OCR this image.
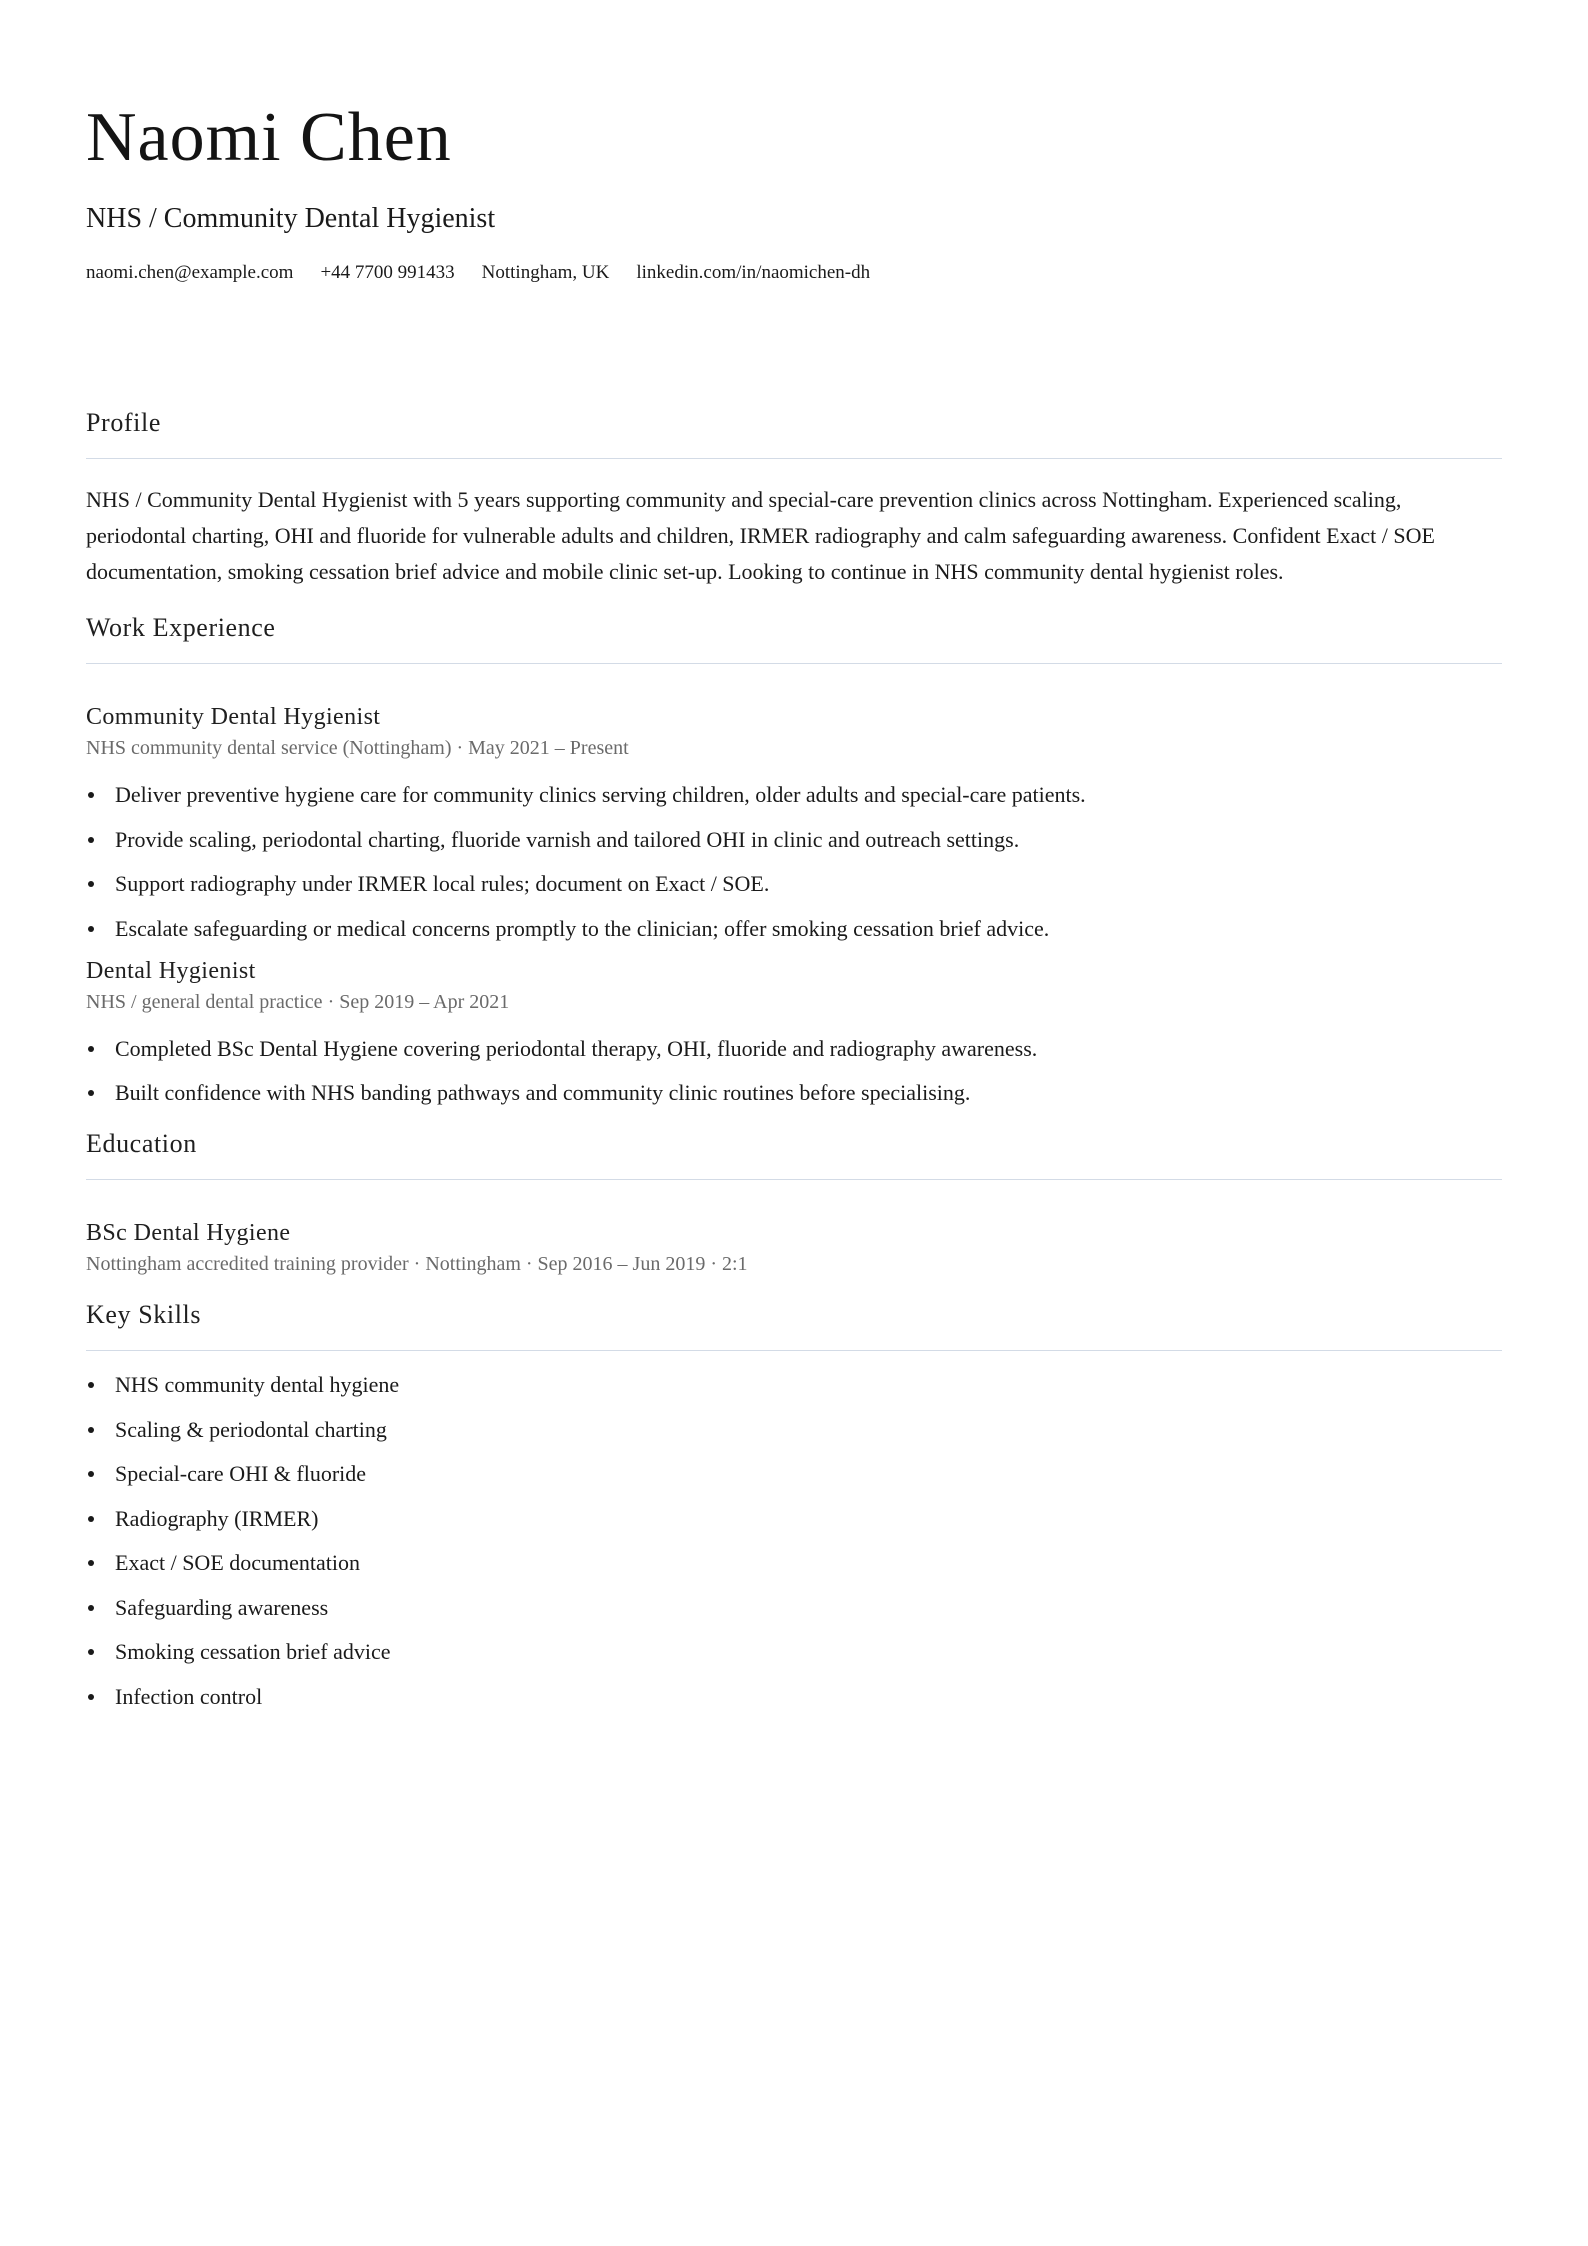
Naomi Chen
NHS / Community Dental Hygienist
naomi.chen@example.com +44 7700 991433 Nottingham, UK linkedin.com/in/naomichen-dh
Profile
NHS / Community Dental Hygienist with 5 years supporting community and special-care prevention clinics across Nottingham. Experienced scaling, periodontal charting, OHI and fluoride for vulnerable adults and children, IRMER radiography and calm safeguarding awareness. Confident Exact / SOE documentation, smoking cessation brief advice and mobile clinic set-up. Looking to continue in NHS community dental hygienist roles.
Work Experience
Community Dental Hygienist
NHS community dental service (Nottingham) · May 2021 – Present
Deliver preventive hygiene care for community clinics serving children, older adults and special-care patients.
Provide scaling, periodontal charting, fluoride varnish and tailored OHI in clinic and outreach settings.
Support radiography under IRMER local rules; document on Exact / SOE.
Escalate safeguarding or medical concerns promptly to the clinician; offer smoking cessation brief advice.
Dental Hygienist
NHS / general dental practice · Sep 2019 – Apr 2021
Completed BSc Dental Hygiene covering periodontal therapy, OHI, fluoride and radiography awareness.
Built confidence with NHS banding pathways and community clinic routines before specialising.
Education
BSc Dental Hygiene
Nottingham accredited training provider · Nottingham · Sep 2016 – Jun 2019 · 2:1
Key Skills
NHS community dental hygiene
Scaling & periodontal charting
Special-care OHI & fluoride
Radiography (IRMER)
Exact / SOE documentation
Safeguarding awareness
Smoking cessation brief advice
Infection control
